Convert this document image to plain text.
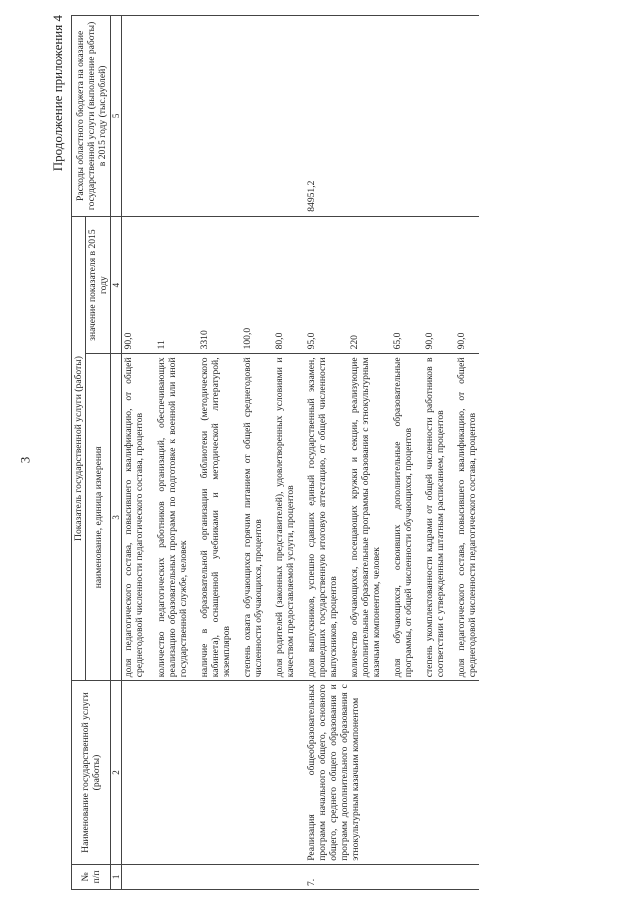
3
Продолжение приложения 4
№ п/п	Наименование государственной услуги (работы)	Показатель государственной услуги (работы)		Расходы областного бюджета на оказание государственной услуги (выполнение работы) в 2015 году (тыс.рублей)
		наименование, единица измерения	значение показателя в 2015 году	
1	2	3	4	5
		доля педагогического состава, повысившего квалификацию, от общей среднегодовой численности педагогического состава, процентов	90,0	

		количество педагогических работников организаций, обеспечивающих реализацию образовательных программ по подготовке к военной или иной государственной службе, человек	11	

		наличие в образовательной организации библиотеки (методического кабинета), оснащенной учебниками и методической литературой, экземпляров	3310	

		степень охвата обучающихся горячим питанием от общей среднегодовой численности обучающихся, процентов	100,0	

		доля родителей (законных представителей), удовлетворенных условиями и качеством предоставляемой услуги, процентов	80,0	

7.	Реализация общеобразовательных программ начального общего, основного общего, среднего общего образования и программ дополнительного образования с этнокультурным казачьим компонентом	доля выпускников, успешно сдавших единый государственный экзамен, прошедших государственную итоговую аттестацию, от общей численности выпускников, процентов	95,0	84951,2

		количество обучающихся, посещающих кружки и секции, реализующие дополнительные образовательные программы образования с этнокультурным казачьим компонентом, человек	220	

		доля обучающихся, освоивших дополнительные образовательные программы, от общей численности обучающихся, процентов	65,0	

		степень укомплектованности кадрами от общей численности работников в соответствии с утвержденным штатным расписанием, процентов	90,0	

		доля педагогического состава, повысившего квалификацию, от общей среднегодовой численности педагогического состава, процентов	90,0	
